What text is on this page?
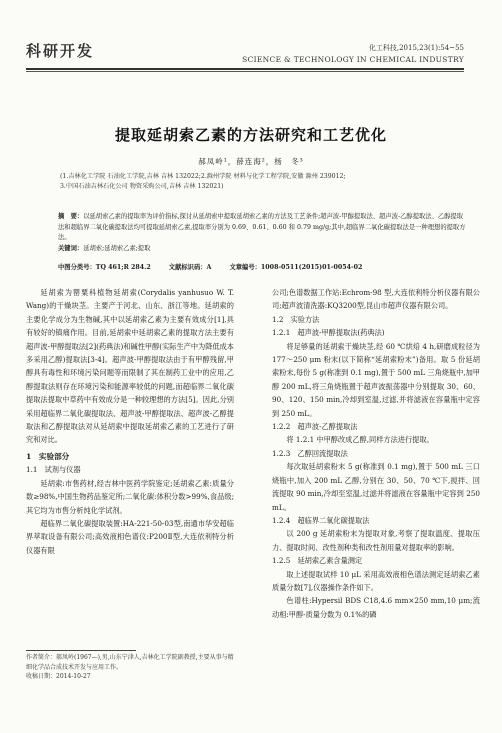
科研开发	化工科技,2015,23(1):54~55
SCIENCE & TECHNOLOGY IN CHEMICAL INDUSTRY
提取延胡索乙素的方法研究和工艺优化
郝凤岭¹，薛连海²，杨　冬³
(1.吉林化工学院 石油化工学院,吉林 吉林 132022;2.滁州学院 材料与化学工程学院,安徽 滁州 239012;
3.中国石油吉林石化公司 物资采购公司,吉林 吉林 132021)
摘　要：以延胡索乙素的提取率为评价指标,探讨从延胡索中提取延胡索乙素的方法及工艺条件;超声波-甲醇提取法、超声波-乙醇提取法、乙醇提取法和超临界二氧化碳提取法均可提取延胡索乙素,提取率分别为 0.69、0.61、0.60 和 0.79 mg/g;其中,超临界二氧化碳提取法是一种理想的提取方法。
关键词：延胡索;延胡索乙素;提取
中图分类号：TQ 461;R 284.2	文献标识码：A	文章编号：1008-0511(2015)01-0054-02

延胡索为罂粟科植物延胡索(Corydalis yanhusuo W. T. Wang)的干燥块茎。主要产于河北、山东、浙江等地。延胡索的主要化学成分为生物碱,其中以延胡索乙素为主要有效成分[1],具有较好的镇痛作用。目前,延胡索中延胡索乙素的提取方法主要有超声波-甲醇提取法[2](药典法)和碱性甲醇(实际生产中为降低成本多采用乙醇)提取法[3-4]。超声波-甲醇提取法由于有甲醇残留,甲醇具有毒性和环境污染问题等而限制了其在制药工业中的应用,乙醇提取法则存在环境污染和能源率较低的问题,而超临界二氧化碳提取法提取中草药中有效成分是一种较理想的方法[5]。因此,分别采用超临界二氧化碳提取法、超声波-甲醇提取法、超声波-乙醇提取法和乙醇提取法对从延胡索中提取延胡索乙素的工艺进行了研究和对比。

1　实验部分

1.1　试剂与仪器

延胡索:市售药材,经吉林中医药学院鉴定;延胡索乙素:质量分数≥98%,中国生物药品鉴定所;二氧化碳:体积分数>99%,食品级;其它均为市售分析纯化学试剂。

超临界二氧化碳提取装置:HA-221-50-03型,南通市华安超临界萃取设备有限公司;高效液相色谱仪:P200Ⅱ型,大连依利特分析仪器有限

公司;色谱数据工作站:Echrom-98 型,大连依利特分析仪器有限公司;超声波清洗器:KQ3200型,昆山市超声仪器有限公司。

1.2　实验方法

1.2.1　超声波-甲醇提取法(药典法)

将足够量的延胡索干燥块茎,经 60 ℃烘焙 4 h,研磨成粒径为 177～250 μm 粉末(以下简称“延胡索粉末”)备用。取 5 份延胡索粉末,每份 5 g(称准到 0.1 mg),置于 500 mL 三角烧瓶中,加甲醇 200 mL,将三角烧瓶置于超声波振荡器中分别提取 30、60、90、120、150 min,冷却到室温,过滤,并将滤液在容量瓶中定容到 250 mL。

1.2.2　超声波-乙醇提取法

将 1.2.1 中甲醇改成乙醇,同样方法进行提取。

1.2.3　乙醇回流提取法

每次取延胡索粉末 5 g(称准到 0.1 mg),置于 500 mL 三口烧瓶中,加入 200 mL 乙醇,分别在 30、50、70 ℃下,搅拌、回流提取 90 min,冷却至室温,过滤并将滤液在容量瓶中定容到 250 mL。

1.2.4　超临界二氧化碳提取法

以 200 g 延胡索粉末为提取对象,考察了提取温度、提取压力、提取时间、改性剂种类和改性剂用量对提取率的影响。

1.2.5　延胡索乙素含量测定

取上述提取试样 10 μL 采用高效液相色谱法测定延胡索乙素质量分数[7],仪器操作条件如下。

色谱柱:Hypersil BDS C18,4.6 mm×250 mm,10 μm;流动相:甲醇-质量分数为 0.1%的磷

作者简介：郝凤岭(1967—),男,山东宁津人,吉林化工学院副教授,主要从事与精细化学品合成技术开发与应用工作。
收稿日期：2014-10-27
